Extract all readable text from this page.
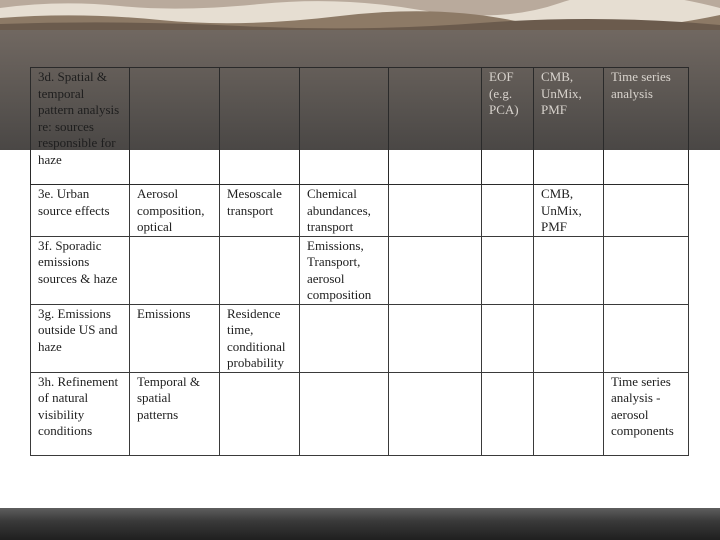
3d. Spatial & temporal pattern analysis re: sources responsible for haze					EOF (e.g. PCA)	CMB, UnMix, PMF	Time series analysis
3e. Urban source effects	Aerosol composition, optical	Mesoscale transport	Chemical abundances, transport			CMB, UnMix, PMF	
3f. Sporadic emissions sources & haze			Emissions, Transport, aerosol composition				
3g. Emissions outside US and haze	Emissions	Residence time, conditional probability					
3h. Refinement of natural visibility conditions	Temporal & spatial patterns						Time series analysis - aerosol components
